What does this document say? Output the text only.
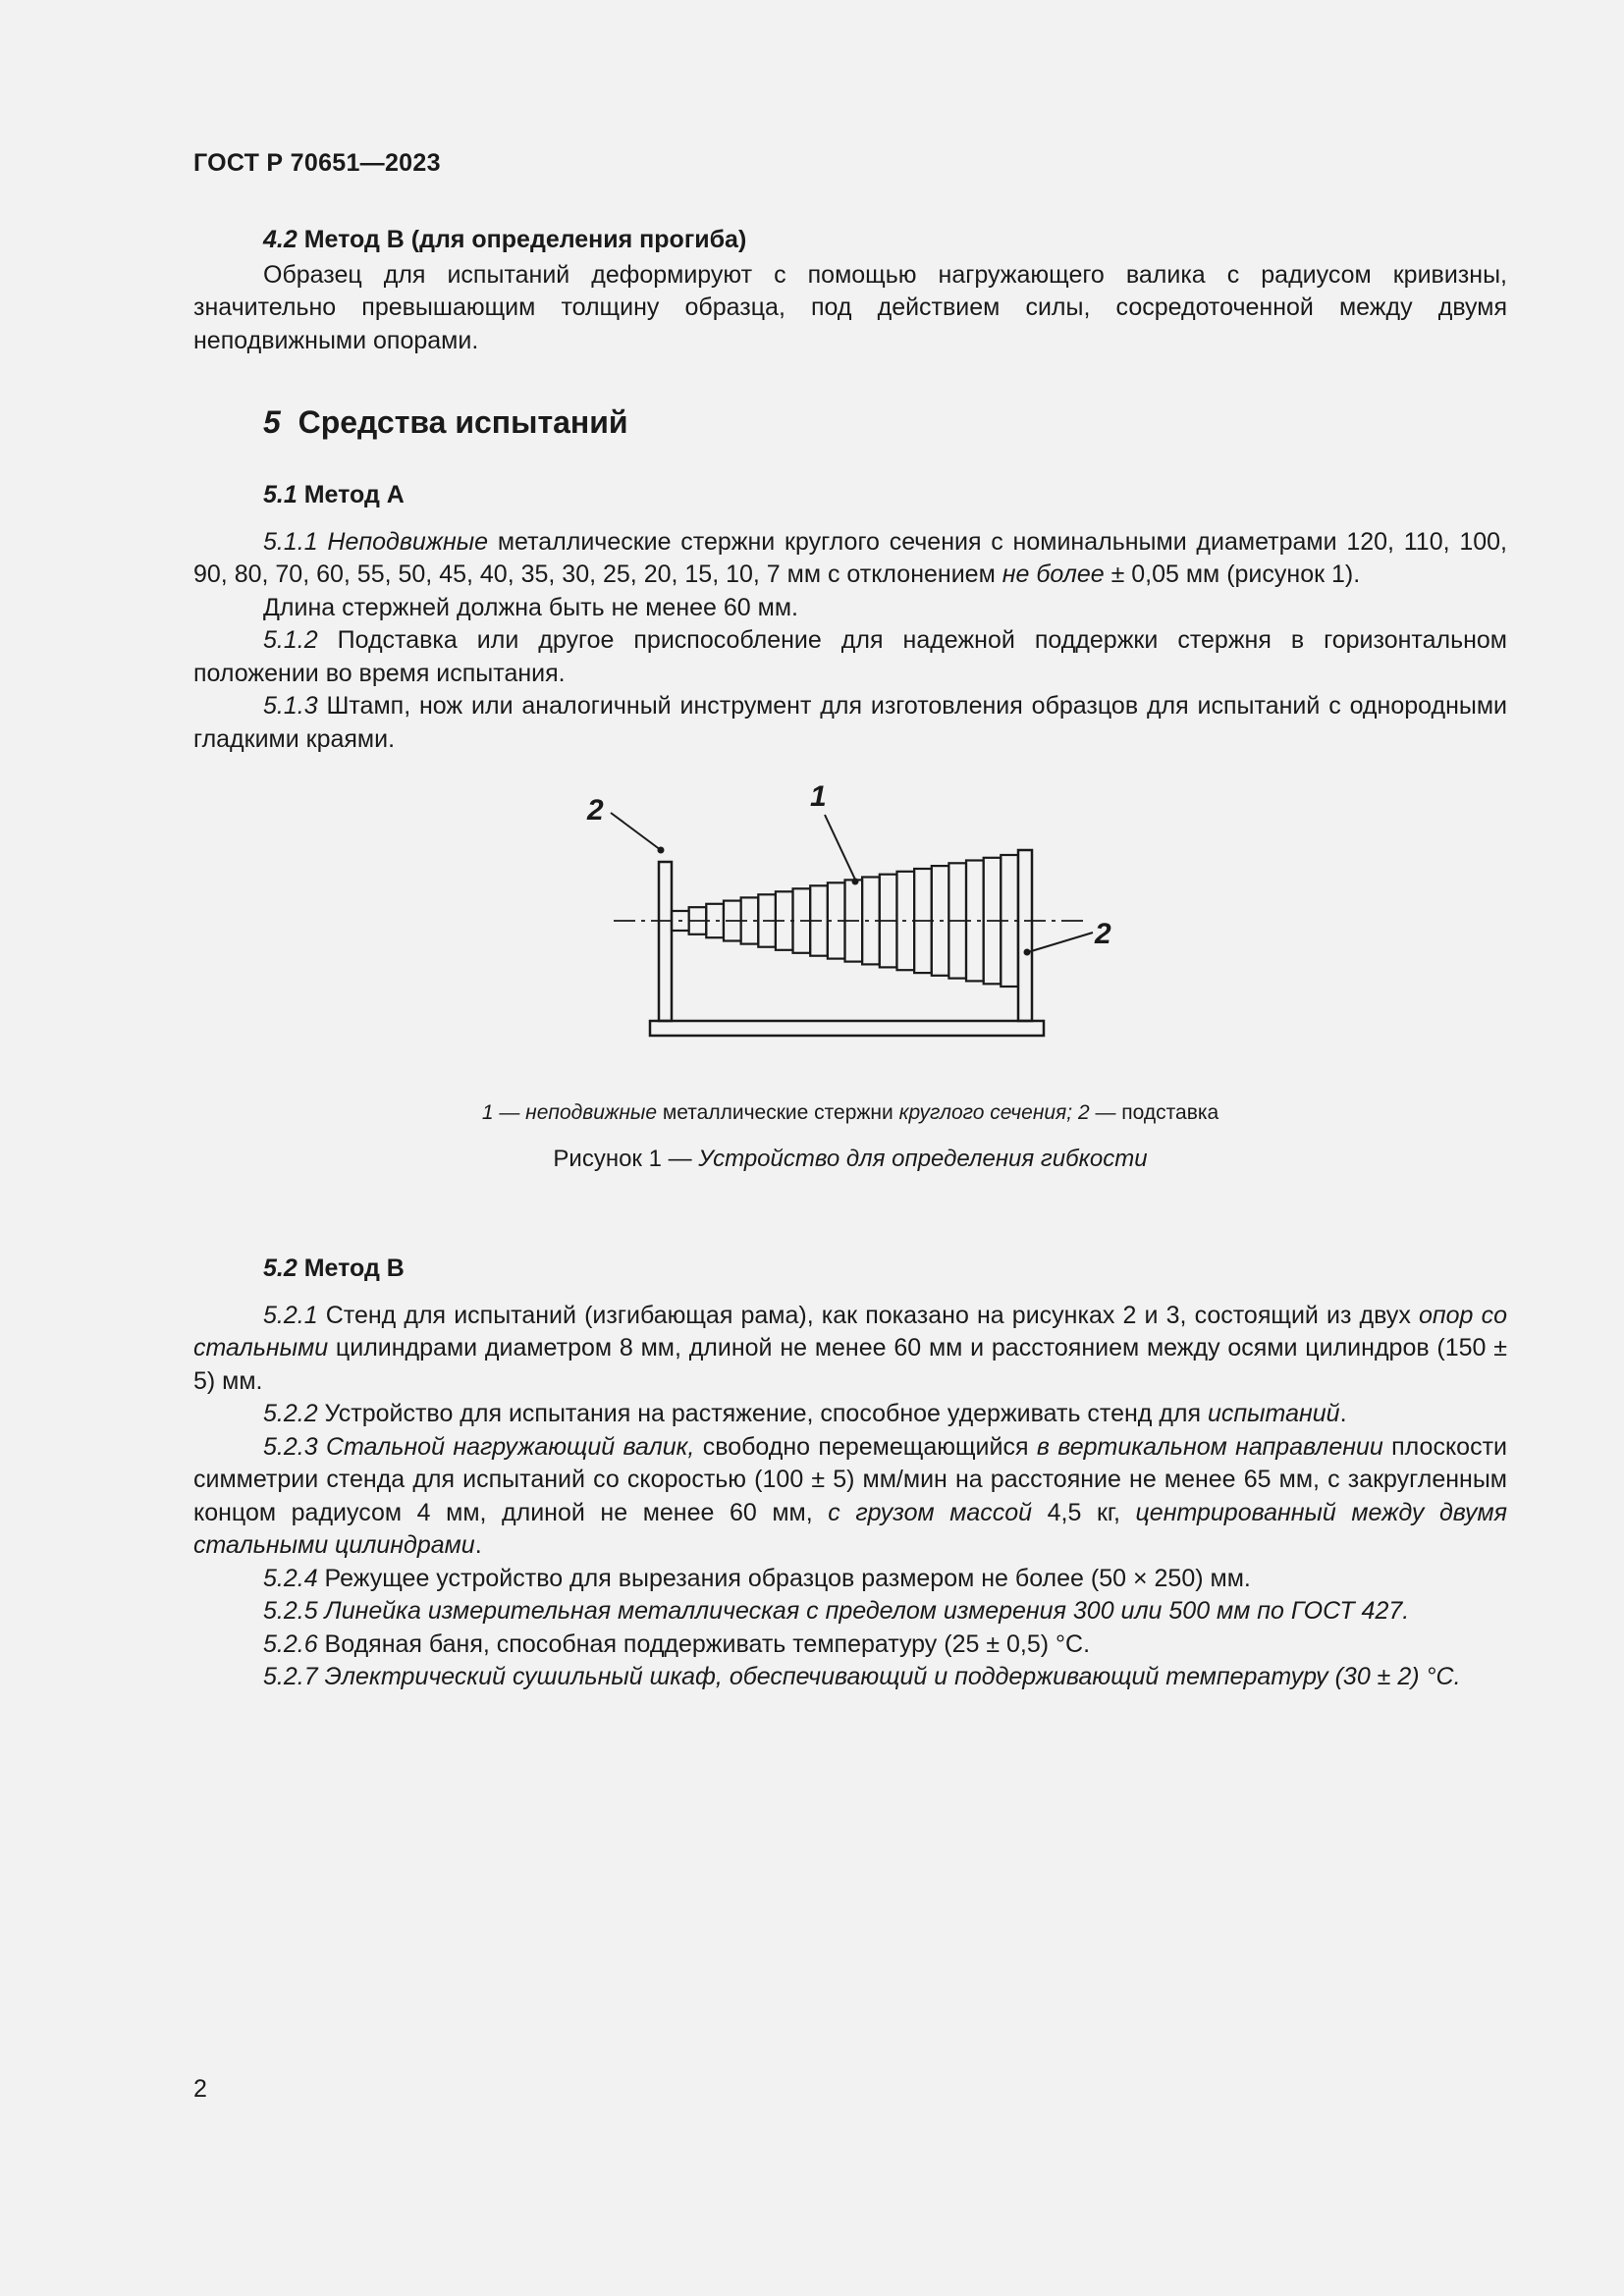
ГОСТ Р 70651—2023

4.2 Метод В (для определения прогиба)

Образец для испытаний деформируют с помощью нагружающего валика с радиусом кривизны, значительно превышающим толщину образца, под действием силы, сосредоточенной между двумя неподвижными опорами.

5 Средства испытаний

5.1 Метод А

5.1.1 Неподвижные металлические стержни круглого сечения с номинальными диаметрами 120, 110, 100, 90, 80, 70, 60, 55, 50, 45, 40, 35, 30, 25, 20, 15, 10, 7 мм с отклонением не более ± 0,05 мм (рисунок 1).

Длина стержней должна быть не менее 60 мм.

5.1.2 Подставка или другое приспособление для надежной поддержки стержня в горизонтальном положении во время испытания.

5.1.3 Штамп, нож или аналогичный инструмент для изготовления образцов для испытаний с однородными гладкими краями.

2	1
2
1 — неподвижные металлические стержни круглого сечения; 2 — подставка
Рисунок 1 — Устройство для определения гибкости

5.2 Метод В

5.2.1 Стенд для испытаний (изгибающая рама), как показано на рисунках 2 и 3, состоящий из двух опор со стальными цилиндрами диаметром 8 мм, длиной не менее 60 мм и расстоянием между осями цилиндров (150 ± 5) мм.

5.2.2 Устройство для испытания на растяжение, способное удерживать стенд для испытаний.

5.2.3 Стальной нагружающий валик, свободно перемещающийся в вертикальном направлении плоскости симметрии стенда для испытаний со скоростью (100 ± 5) мм/мин на расстояние не менее 65 мм, с закругленным концом радиусом 4 мм, длиной не менее 60 мм, с грузом массой 4,5 кг, центрированный между двумя стальными цилиндрами.

5.2.4 Режущее устройство для вырезания образцов размером не более (50 × 250) мм.

5.2.5 Линейка измерительная металлическая с пределом измерения 300 или 500 мм по ГОСТ 427.

5.2.6 Водяная баня, способная поддерживать температуру (25 ± 0,5) °С.

5.2.7 Электрический сушильный шкаф, обеспечивающий и поддерживающий температуру (30 ± 2) °С.

2
